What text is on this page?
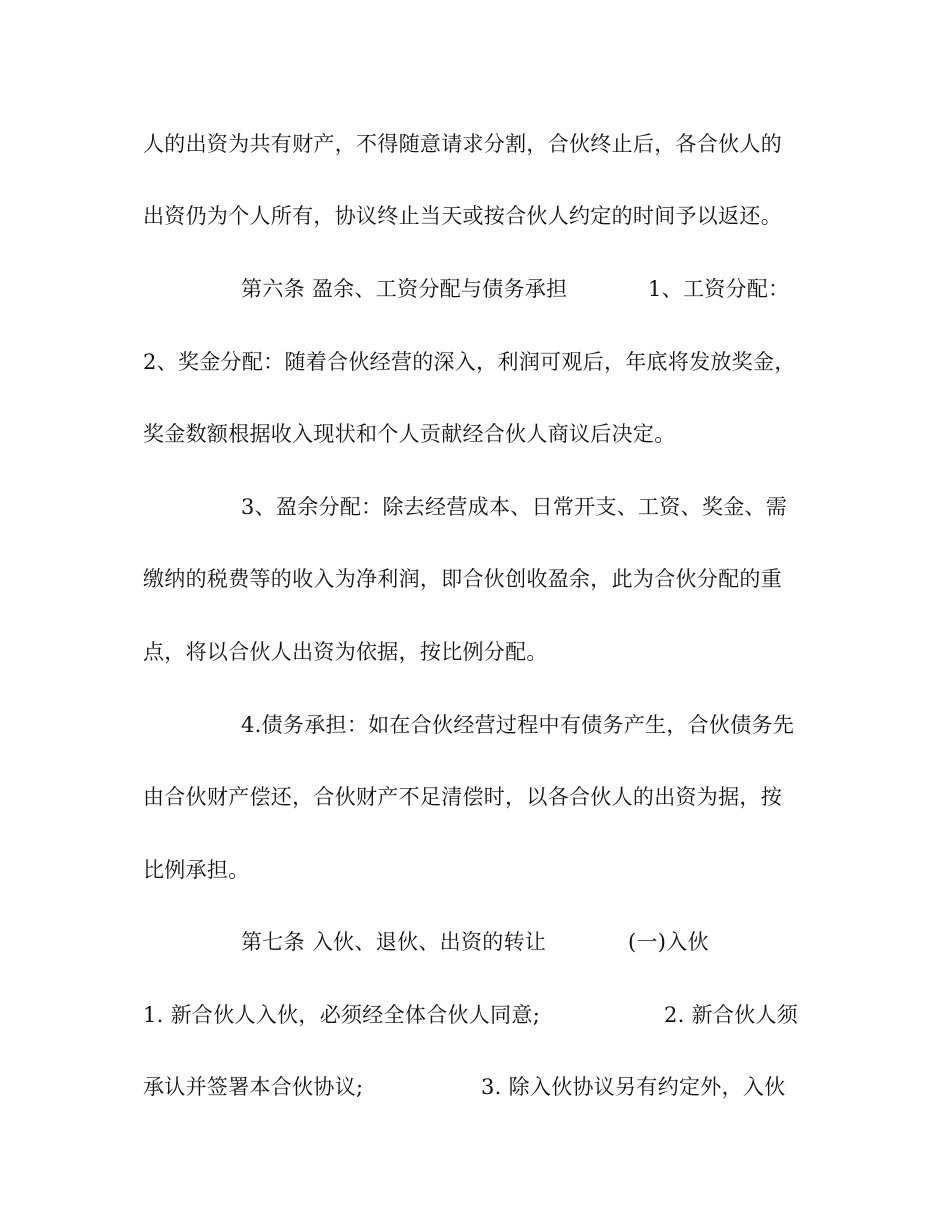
人的出资为共有财产，不得随意请求分割，合伙终止后，各合伙人的
出资仍为个人所有，协议终止当天或按合伙人约定的时间予以返还。
第六条 盈余、工资分配与债务承担	1、工资分配：
2、奖金分配：随着合伙经营的深入，利润可观后，年底将发放奖金，
奖金数额根据收入现状和个人贡献经合伙人商议后决定。
3、盈余分配：除去经营成本、日常开支、工资、奖金、需
缴纳的税费等的收入为净利润，即合伙创收盈余，此为合伙分配的重
点，将以合伙人出资为依据，按比例分配。
4.债务承担：如在合伙经营过程中有债务产生，合伙债务先
由合伙财产偿还，合伙财产不足清偿时，以各合伙人的出资为据，按
比例承担。
第七条 入伙、退伙、出资的转让	(一)入伙
1. 新合伙人入伙，必须经全体合伙人同意;	2. 新合伙人须
承认并签署本合伙协议;	3. 除入伙协议另有约定外，入伙
